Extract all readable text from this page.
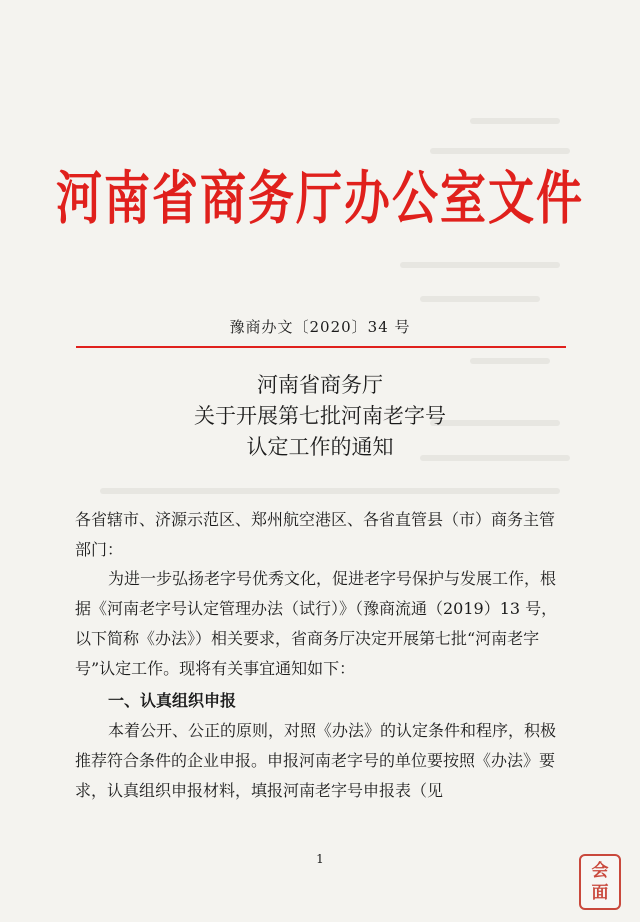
河南省商务厅办公室文件
豫商办文〔2020〕34 号
河南省商务厅
关于开展第七批河南老字号
认定工作的通知
各省辖市、济源示范区、郑州航空港区、各省直管县（市）商务主管部门：
为进一步弘扬老字号优秀文化，促进老字号保护与发展工作，根据《河南老字号认定管理办法（试行）》（豫商流通（2019）13 号，以下简称《办法》）相关要求，省商务厅决定开展第七批“河南老字号”认定工作。现将有关事宜通知如下：
一、认真组织申报
本着公开、公正的原则，对照《办法》的认定条件和程序，积极推荐符合条件的企业申报。申报河南老字号的单位要按照《办法》要求，认真组织申报材料，填报河南老字号申报表（见
1
会
面
